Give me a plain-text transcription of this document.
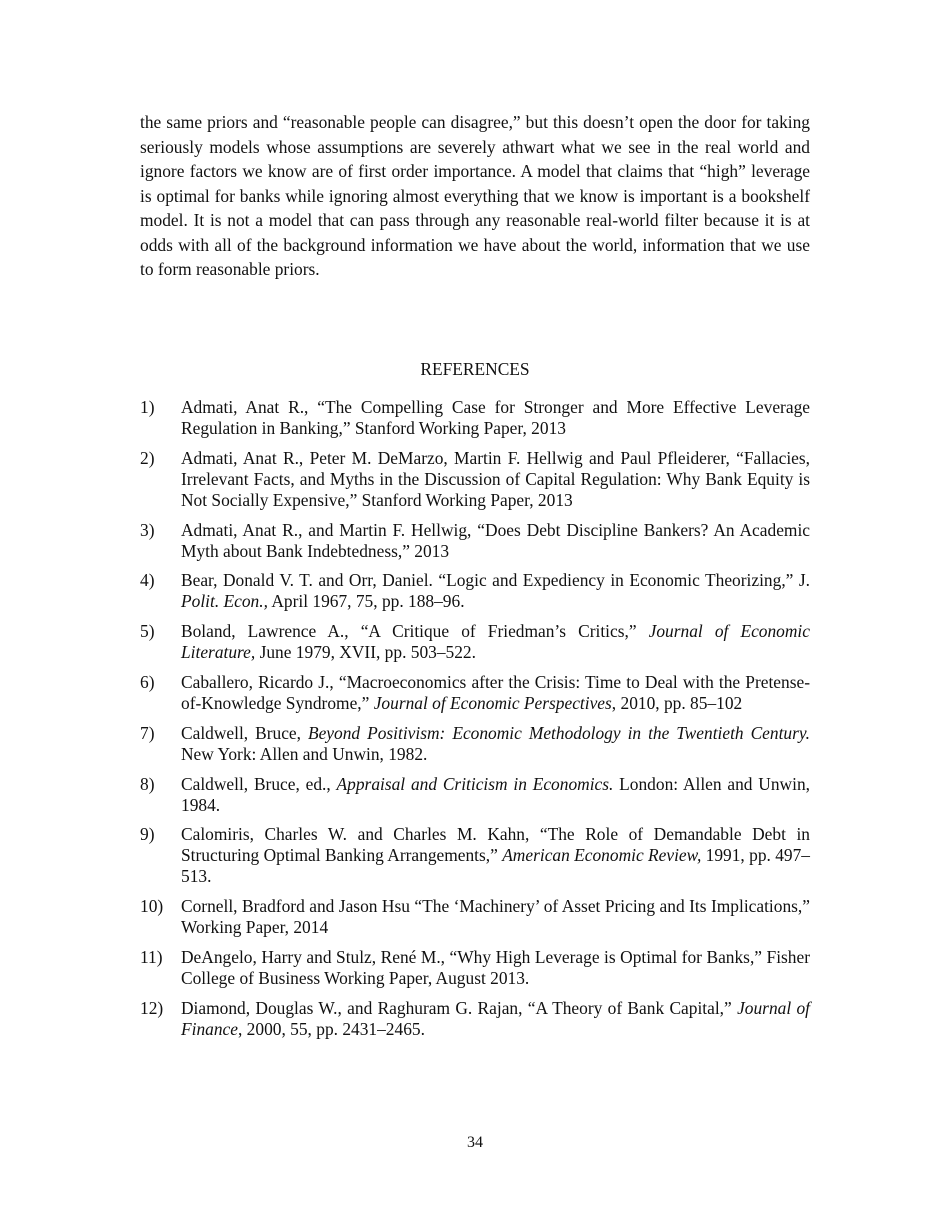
the same priors and “reasonable people can disagree,” but this doesn’t open the door for taking seriously models whose assumptions are severely athwart what we see in the real world and ignore factors we know are of first order importance. A model that claims that “high” leverage is optimal for banks while ignoring almost everything that we know is important is a bookshelf model. It is not a model that can pass through any reasonable real-world filter because it is at odds with all of the background information we have about the world, information that we use to form reasonable priors.

REFERENCES
1)	Admati, Anat R., “The Compelling Case for Stronger and More Effective Leverage Regulation in Banking,” Stanford Working Paper, 2013
2)	Admati, Anat R., Peter M. DeMarzo, Martin F. Hellwig and Paul Pfleiderer, “Fallacies, Irrelevant Facts, and Myths in the Discussion of Capital Regulation: Why Bank Equity is Not Socially Expensive,” Stanford Working Paper, 2013
3)	Admati, Anat R., and Martin F. Hellwig, “Does Debt Discipline Bankers? An Academic Myth about Bank Indebtedness,” 2013
4)	Bear, Donald V. T. and Orr, Daniel. “Logic and Expediency in Economic Theorizing,” J. Polit. Econ., April 1967, 75, pp. 188–96.
5)	Boland, Lawrence A., “A Critique of Friedman’s Critics,” Journal of Economic Literature, June 1979, XVII, pp. 503–522.
6)	Caballero, Ricardo J., “Macroeconomics after the Crisis: Time to Deal with the Pretense-of-Knowledge Syndrome,” Journal of Economic Perspectives, 2010, pp. 85–102
7)	Caldwell, Bruce, Beyond Positivism: Economic Methodology in the Twentieth Century. New York: Allen and Unwin, 1982.
8)	Caldwell, Bruce, ed., Appraisal and Criticism in Economics. London: Allen and Unwin, 1984.
9)	Calomiris, Charles W. and Charles M. Kahn, “The Role of Demandable Debt in Structuring Optimal Banking Arrangements,” American Economic Review, 1991, pp. 497–513.
10)	Cornell, Bradford and Jason Hsu “The ‘Machinery’ of Asset Pricing and Its Implications,” Working Paper, 2014
11)	DeAngelo, Harry and Stulz, René M., “Why High Leverage is Optimal for Banks,” Fisher College of Business Working Paper, August 2013.
12)	Diamond, Douglas W., and Raghuram G. Rajan, “A Theory of Bank Capital,” Journal of Finance, 2000, 55, pp. 2431–2465.
34
